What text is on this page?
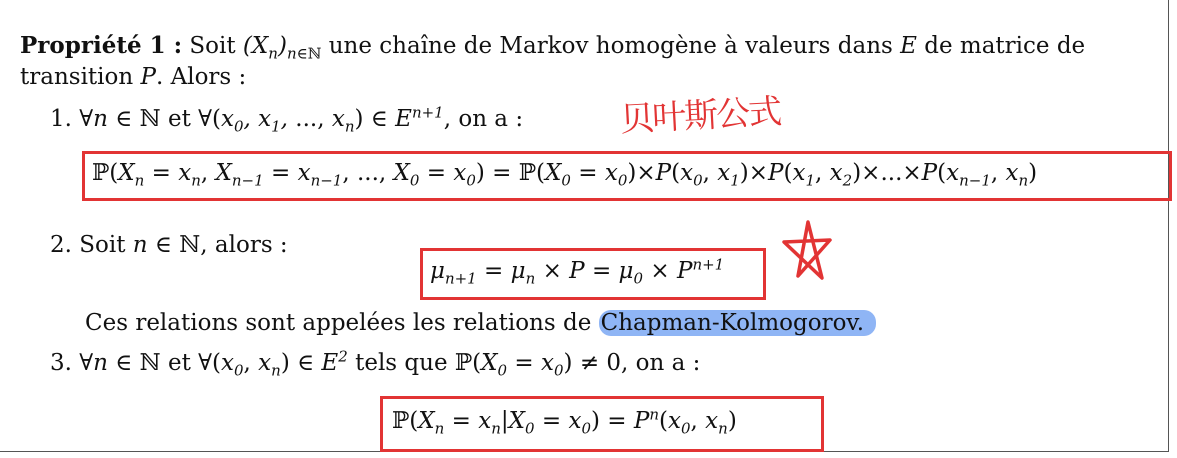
Propriété 1 : Soit $(X_n)_{n\in ℕ}$ une chaîne de Markov homogène à valeurs dans E de matrice de
transition P. Alors :
1. ∀n ∈ ℕ et $\forall(x_0$, $x_1$, ..., $x_n$) ∈ $E^{n+1}$, on a :	贝叶斯公式
$ℙ(X_n = x_n$, $X_{n-1} = x_{n-1}$, ..., $X_0 = x_0$) = $ℙ(X_0 = x_0)\times P(x_0$, $x_1)\times P(x_1$, $x_2)\times...\times P(x_{n-1}$, $x_n$)
2. Soit n ∈ ℕ, alors :
$\mu_{n+1} = \mu_n \times P = \mu_0 \times P^{n+1}$
Ces relations sont appelées les relations de Chapman-Kolmogorov.
3. ∀n ∈ ℕ et $\forall(x_0$, $x_n$) ∈ $E^2$ tels que $ℙ(X_0 = x_0) \ne 0$, on a :
$ℙ(X_n = x_n|X_0 = x_0) = P^n(x_0$, $x_n$)
